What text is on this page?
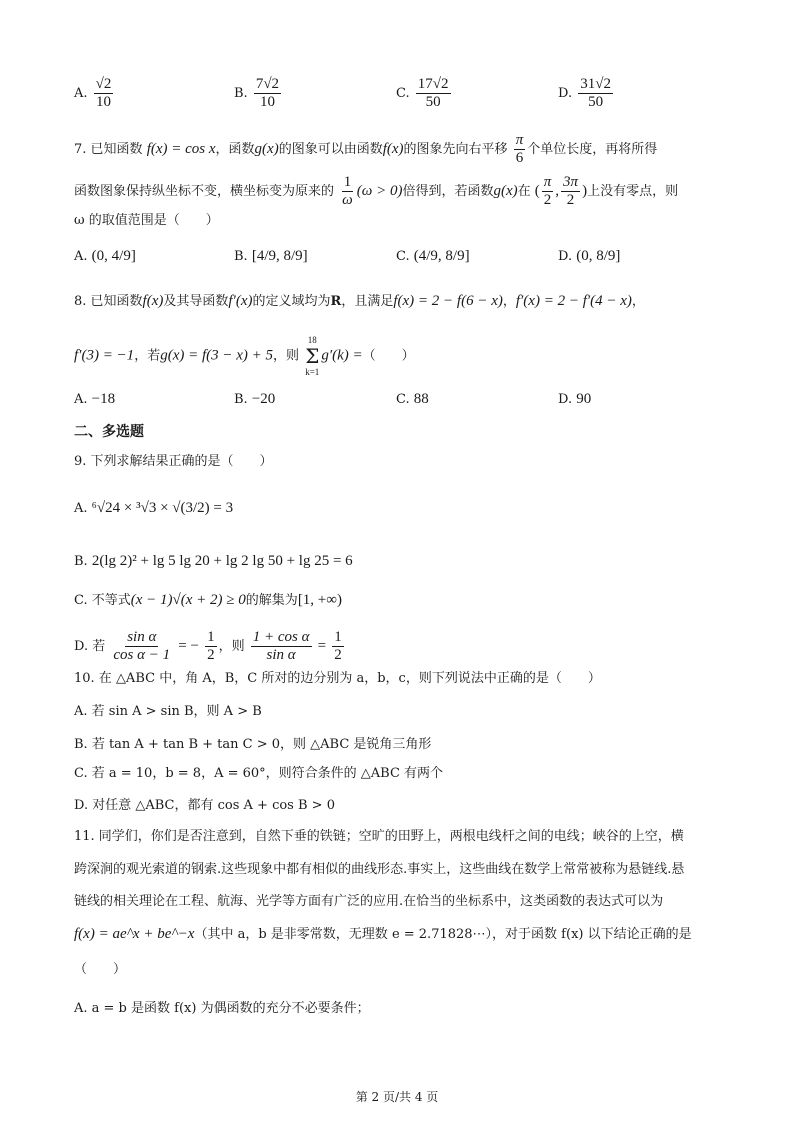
A. $\frac{√2}{10}$	B. $\frac{7√2}{10}$	C. $\frac{17√2}{50}$	D. $\frac{31√2}{50}$
7. 已知函数 f(x) = cos x，函数g(x)的图象可以由函数f(x)的图象先向右平移 $\frac{\pi}{6}$ 个单位长度，再将所得
函数图象保持纵坐标不变，横坐标变为原来的 $\frac{1}{\omega} (\omega > 0)$倍得到，若函数g(x)在 ( $\frac{\pi}{2}$ , $\frac{3\pi}{2}$ )上没有零点，则
ω 的取值范围是（　　）
A. (0, 4/9]	B. [4/9, 8/9]	C. (4/9, 8/9]	D. (0, 8/9]
8. 已知函数f(x)及其导函数f′(x)的定义域均为R，且满足f(x) = 2 − f(6 − x)，f′(x) = 2 − f′(4 − x)，
f′(3) = −1，若g(x) = f(3 − x) + 5，则
18
Σ
k=1
g′(k) =（　　）
A. −18	B. −20	C. 88	D. 90
二、多选题
9. 下列求解结果正确的是（　　）
A. ⁶√24 × ³√3 × √(3/2) = 3
B. 2(lg 2)² + lg 5 lg 20 + lg 2 lg 50 + lg 25 = 6
C. 不等式(x − 1)√(x + 2) ≥ 0的解集为[1, +∞)
D. 若 $\frac{\text{sin α}}{\text{cos α − 1}}$ = − $\frac{1}{2}$ ，则 $\frac{\text{1 + cos α}}{\text{sin α}} = \frac{1}{2}$
10. 在 △ABC 中，角 A，B，C 所对的边分别为 a，b，c，则下列说法中正确的是（　　）
A. 若 sin A > sin B，则 A > B
B. 若 tan A + tan B + tan C > 0，则 △ABC 是锐角三角形
C. 若 a = 10，b = 8，A = 60°，则符合条件的 △ABC 有两个
D. 对任意 △ABC，都有 cos A + cos B > 0
11. 同学们，你们是否注意到，自然下垂的铁链；空旷的田野上，两根电线杆之间的电线；峡谷的上空，横
跨深涧的观光索道的钢索.这些现象中都有相似的曲线形态.事实上，这些曲线在数学上常常被称为悬链线.悬
链线的相关理论在工程、航海、光学等方面有广泛的应用.在恰当的坐标系中，这类函数的表达式可以为
f(x) = ae^x + be^−x（其中 a，b 是非零常数，无理数 e = 2.71828⋯），对于函数 f(x) 以下结论正确的是
（　　）
A. a = b 是函数 f(x) 为偶函数的充分不必要条件；
第 2 页/共 4 页
